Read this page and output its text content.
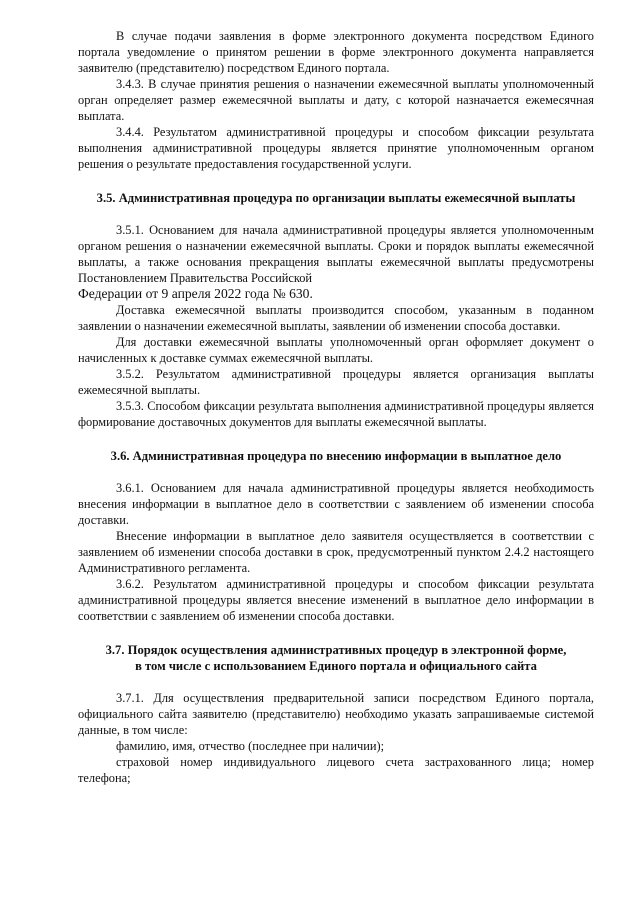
В случае подачи заявления в форме электронного документа посредством Единого портала уведомление о принятом решении в форме электронного документа направляется заявителю (представителю) посредством Единого портала.

3.4.3. В случае принятия решения о назначении ежемесячной выплаты уполномоченный орган определяет размер ежемесячной выплаты и дату, с которой назначается ежемесячная выплата.

3.4.4. Результатом административной процедуры и способом фиксации результата выполнения административной процедуры является принятие уполномоченным органом решения о результате предоставления государственной услуги.

3.5. Административная процедура по организации выплаты ежемесячной выплаты

3.5.1. Основанием для начала административной процедуры является уполномоченным органом решения о назначении ежемесячной выплаты. Сроки и порядок выплаты ежемесячной выплаты, а также основания прекращения выплаты ежемесячной выплаты предусмотрены Постановлением Правительства Российской

Федерации от 9 апреля 2022 года № 630.

Доставка ежемесячной выплаты производится способом, указанным в поданном заявлении о назначении ежемесячной выплаты, заявлении об изменении способа доставки.

Для доставки ежемесячной выплаты уполномоченный орган оформляет документ о начисленных к доставке суммах ежемесячной выплаты.

3.5.2. Результатом административной процедуры является организация выплаты ежемесячной выплаты.

3.5.3. Способом фиксации результата выполнения административной процедуры является формирование доставочных документов для выплаты ежемесячной выплаты.

3.6. Административная процедура по внесению информации в выплатное дело

3.6.1. Основанием для начала административной процедуры является необходимость внесения информации в выплатное дело в соответствии с заявлением об изменении способа доставки.

Внесение информации в выплатное дело заявителя осуществляется в соответствии с заявлением об изменении способа доставки в срок, предусмотренный пунктом 2.4.2 настоящего Административного регламента.

3.6.2. Результатом административной процедуры и способом фиксации результата административной процедуры является внесение изменений в выплатное дело информации в соответствии с заявлением об изменении способа доставки.

3.7. Порядок осуществления административных процедур в электронной форме,
в том числе с использованием Единого портала и официального сайта

3.7.1. Для осуществления предварительной записи посредством Единого портала, официального сайта заявителю (представителю) необходимо указать запрашиваемые системой данные, в том числе:

фамилию, имя, отчество (последнее при наличии);

страховой номер индивидуального лицевого счета застрахованного лица; номер телефона;
